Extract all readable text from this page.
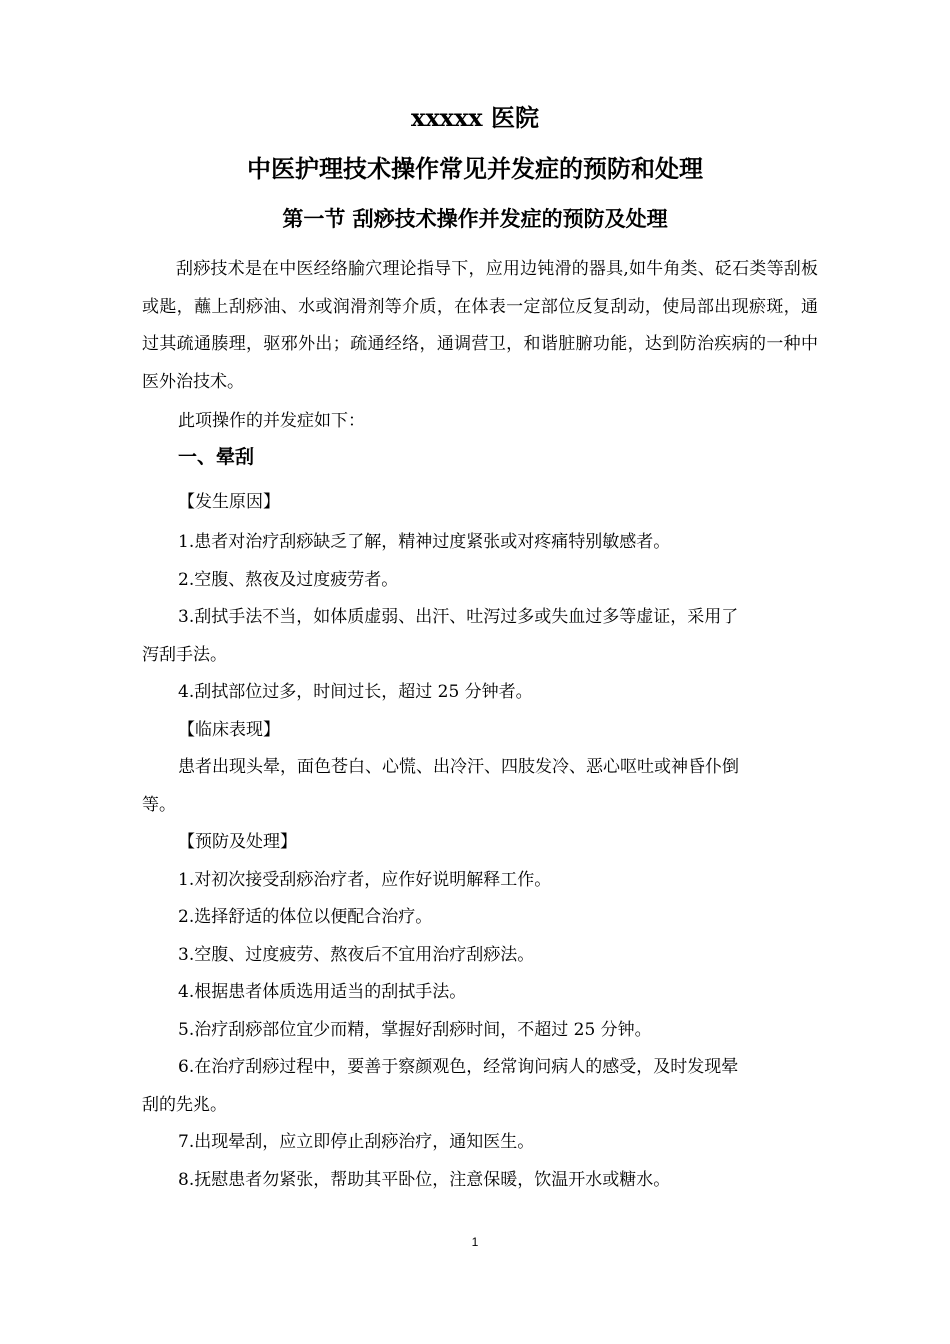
xxxxx 医院
中医护理技术操作常见并发症的预防和处理
第一节 刮痧技术操作并发症的预防及处理

刮痧技术是在中医经络腧穴理论指导下，应用边钝滑的器具,如牛角类、砭石类等刮板或匙，蘸上刮痧油、水或润滑剂等介质，在体表一定部位反复刮动，使局部出现瘀斑，通过其疏通腠理，驱邪外出；疏通经络，通调营卫，和谐脏腑功能，达到防治疾病的一种中医外治技术。

此项操作的并发症如下：
一、晕刮
【发生原因】
1.患者对治疗刮痧缺乏了解，精神过度紧张或对疼痛特别敏感者。
2.空腹、熬夜及过度疲劳者。
3.刮拭手法不当，如体质虚弱、出汗、吐泻过多或失血过多等虚证，采用了
泻刮手法。
4.刮拭部位过多，时间过长，超过 25 分钟者。
【临床表现】
患者出现头晕，面色苍白、心慌、出冷汗、四肢发冷、恶心呕吐或神昏仆倒
等。
【预防及处理】
1.对初次接受刮痧治疗者，应作好说明解释工作。
2.选择舒适的体位以便配合治疗。
3.空腹、过度疲劳、熬夜后不宜用治疗刮痧法。
4.根据患者体质选用适当的刮拭手法。
5.治疗刮痧部位宜少而精，掌握好刮痧时间，不超过 25 分钟。
6.在治疗刮痧过程中，要善于察颜观色，经常询问病人的感受，及时发现晕
刮的先兆。
7.出现晕刮，应立即停止刮痧治疗，通知医生。
8.抚慰患者勿紧张，帮助其平卧位，注意保暖，饮温开水或糖水。
1
